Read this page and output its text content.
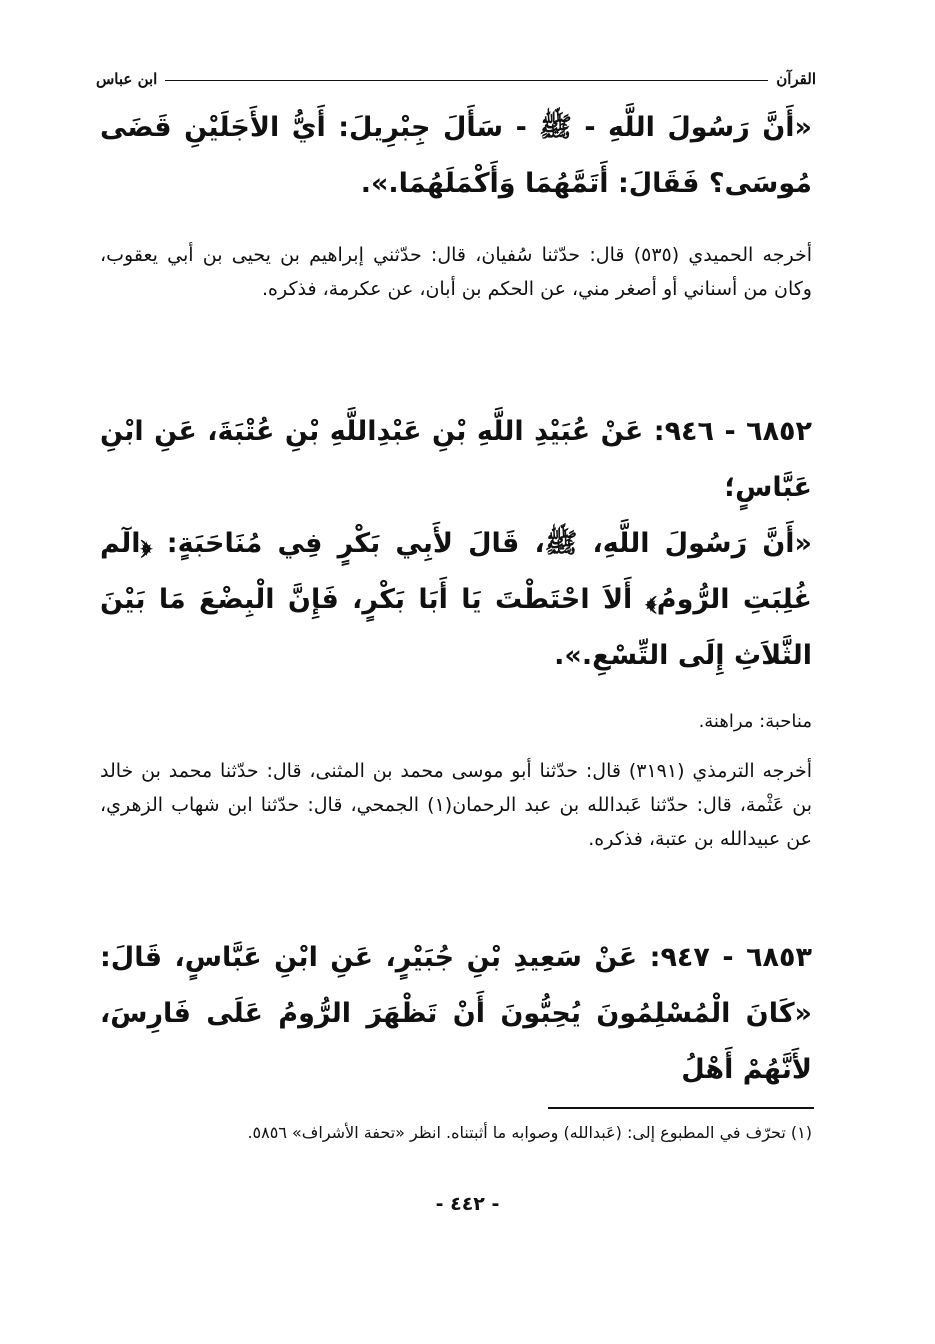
القرآن
ابن عباس
«أَنَّ رَسُولَ اللَّهِ - ﷺ - سَأَلَ جِبْرِيلَ: أَيُّ الأَجَلَيْنِ قَضَى مُوسَى؟ فَقَالَ: أَتَمَّهُمَا وَأَكْمَلَهُمَا.».
أخرجه الحميدي (٥٣٥) قال: حدّثنا سُفيان، قال: حدّثني إبراهيم بن يحيى بن أبي يعقوب، وكان من أسناني أو أصغر مني، عن الحكم بن أبان، عن عكرمة، فذكره.
٦٨٥٢ - ٩٤٦: عَنْ عُبَيْدِ اللَّهِ بْنِ عَبْدِاللَّهِ بْنِ عُتْبَةَ، عَنِ ابْنِ عَبَّاسٍ؛
«أَنَّ رَسُولَ اللَّهِ، ﷺ، قَالَ لأَبِي بَكْرٍ فِي مُنَاحَبَةٍ: ﴿الٓم غُلِبَتِ الرُّومُ﴾ أَلاَ احْتَطْتَ يَا أَبَا بَكْرٍ، فَإِنَّ الْبِضْعَ مَا بَيْنَ الثَّلاَثِ إِلَى التِّسْعِ.».
مناحبة: مراهنة.
أخرجه الترمذي (٣١٩١) قال: حدّثنا أبو موسى محمد بن المثنى، قال: حدّثنا محمد بن خالد بن عَثْمة، قال: حدّثنا عَبدالله بن عبد الرحمان(١) الجمحي، قال: حدّثنا ابن شهاب الزهري، عن عبيدالله بن عتبة، فذكره.
٦٨٥٣ - ٩٤٧: عَنْ سَعِيدِ بْنِ جُبَيْرٍ، عَنِ ابْنِ عَبَّاسٍ، قَالَ: «كَانَ الْمُسْلِمُونَ يُحِبُّونَ أَنْ تَظْهَرَ الرُّومُ عَلَى فَارِسَ، لأَنَّهُمْ أَهْلُ
(١) تحرّف في المطبوع إلى: (عَبدالله) وصوابه ما أثبتناه. انظر «تحفة الأشراف» ٥٨٥٦.
- ٤٤٢ -
